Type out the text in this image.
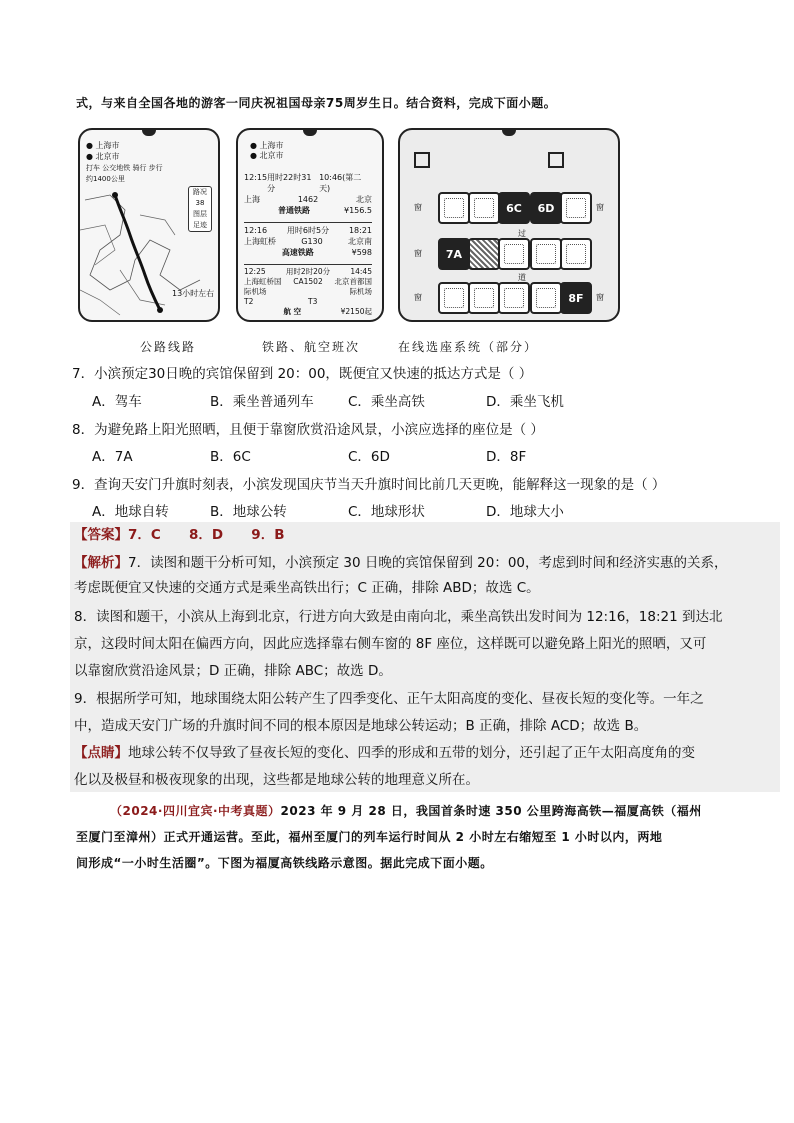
式，与来自全国各地的游客一同庆祝祖国母亲75周岁生日。结合资料，完成下面小题。
● 上海市
● 北京市
打车 公交地铁 骑行 步行
约1400公里
路况
38
图层
足迹
13小时左右
● 上海市
● 北京市
12:15 用时22时31分
10:46(第二天)
上海	1462	北京
普通铁路	¥156.5
12:16 用时6时5分 18:21
上海虹桥	G130	北京南
高速铁路	¥598
12:25	用时2时20分	14:45
上海虹桥国际机场
CA1502	北京首都国际机场
T2	T3
航 空	¥2150起
窗	6C	6D	窗
过
窗	7A
道
窗	8F	窗
公路线路	铁路、航空班次	在线选座系统（部分）
7．小滨预定30日晚的宾馆保留到 20：00，既便宜又快速的抵达方式是（ ）
A．驾车	B．乘坐普通列车	C．乘坐高铁	D．乘坐飞机
8．为避免路上阳光照晒，且便于靠窗欣赏沿途风景，小滨应选择的座位是（ ）
A．7A	B．6C	C．6D	D．8F
9．查询天安门升旗时刻表，小滨发现国庆节当天升旗时间比前几天更晚，能解释这一现象的是（ ）
A．地球自转	B．地球公转	C．地球形状	D．地球大小
【答案】7．C      8．D      9．B
【解析】7．读图和题干分析可知，小滨预定 30 日晚的宾馆保留到 20：00，考虑到时间和经济实惠的关系，
考虑既便宜又快速的交通方式是乘坐高铁出行；C 正确，排除 ABD；故选 C。
8．读图和题干，小滨从上海到北京，行进方向大致是由南向北，乘坐高铁出发时间为 12:16，18:21 到达北
京，这段时间太阳在偏西方向，因此应选择靠右侧车窗的 8F 座位，这样既可以避免路上阳光的照晒，又可
以靠窗欣赏沿途风景；D 正确，排除 ABC；故选 D。
9．根据所学可知，地球围绕太阳公转产生了四季变化、正午太阳高度的变化、昼夜长短的变化等。一年之
中，造成天安门广场的升旗时间不同的根本原因是地球公转运动；B 正确，排除 ACD；故选 B。
【点睛】地球公转不仅导致了昼夜长短的变化、四季的形成和五带的划分，还引起了正午太阳高度角的变
化以及极昼和极夜现象的出现，这些都是地球公转的地理意义所在。
（2024·四川宜宾·中考真题）2023 年 9 月 28 日，我国首条时速 350 公里跨海高铁—福厦高铁（福州
至厦门至漳州）正式开通运营。至此，福州至厦门的列车运行时间从 2 小时左右缩短至 1 小时以内，两地
间形成“一小时生活圈”。下图为福厦高铁线路示意图。据此完成下面小题。
